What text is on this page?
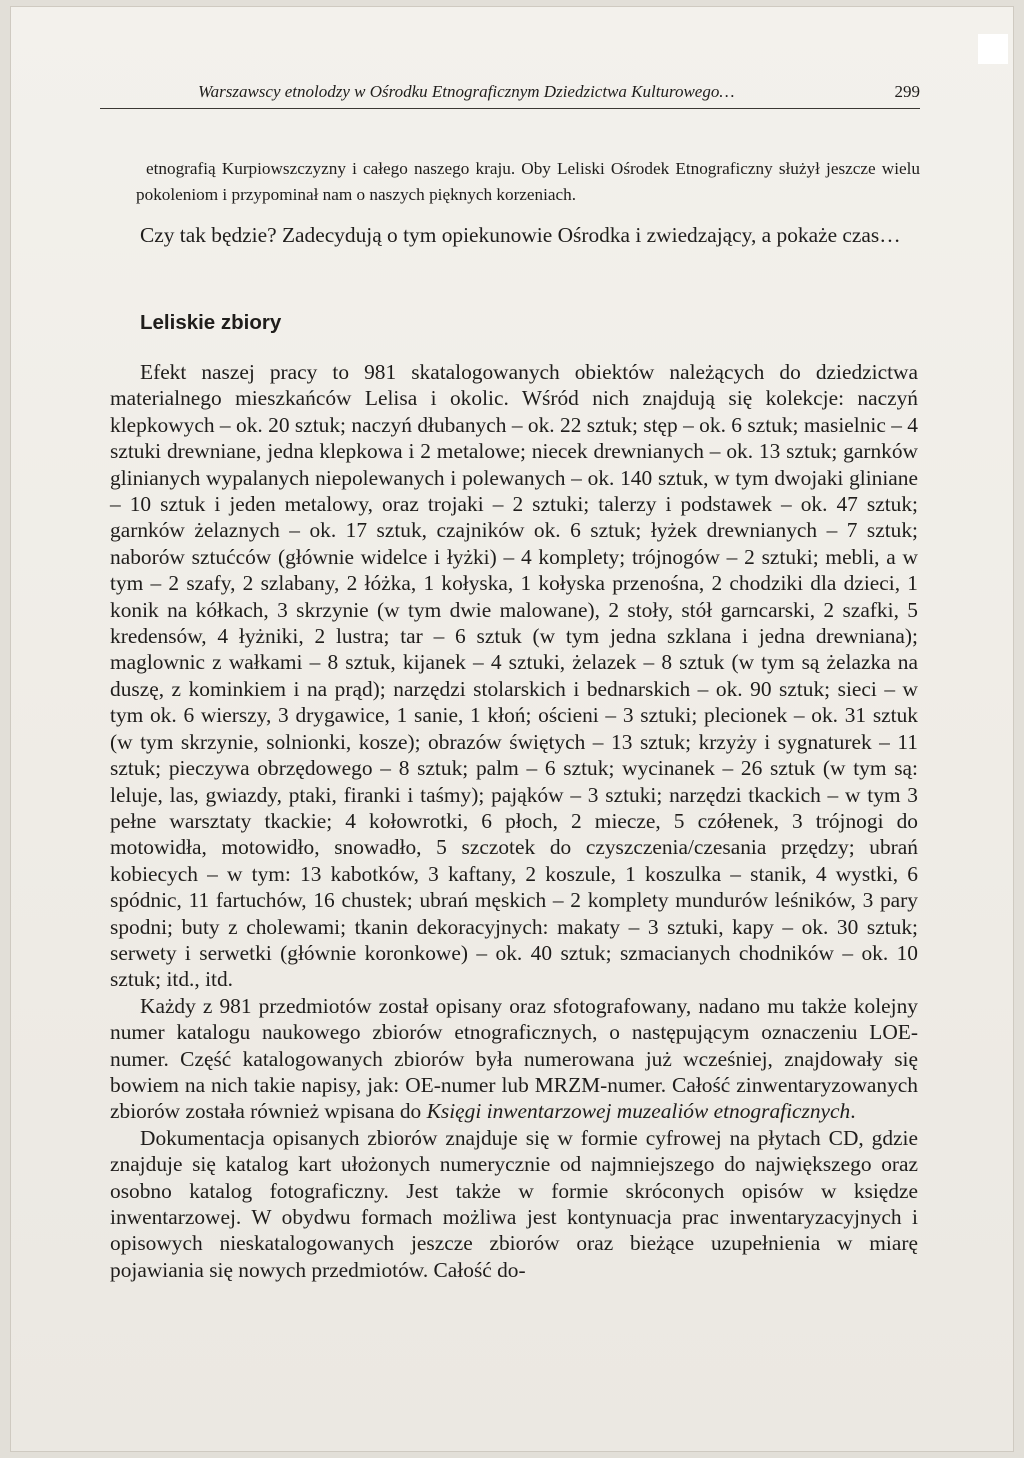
Warszawscy etnolodzy w Ośrodku Etnograficznym Dziedzictwa Kulturowego…	299

etnografią Kurpiowszczyzny i całego naszego kraju. Oby Leliski Ośrodek Etnograficzny służył jeszcze wielu pokoleniom i przypominał nam o naszych pięknych korzeniach.

Czy tak będzie? Zadecydują o tym opiekunowie Ośrodka i zwiedzający, a pokaże czas…

Leliskie zbiory

Efekt naszej pracy to 981 skatalogowanych obiektów należących do dziedzictwa materialnego mieszkańców Lelisa i okolic. Wśród nich znajdują się kolekcje: naczyń klepkowych – ok. 20 sztuk; naczyń dłubanych – ok. 22 sztuk; stęp – ok. 6 sztuk; masielnic – 4 sztuki drewniane, jedna klepkowa i 2 metalowe; niecek drewnianych – ok. 13 sztuk; garnków glinianych wypalanych niepolewanych i polewanych – ok. 140 sztuk, w tym dwojaki gliniane – 10 sztuk i jeden metalowy, oraz trojaki – 2 sztuki; talerzy i podstawek – ok. 47 sztuk; garnków żelaznych – ok. 17 sztuk, czajników ok. 6 sztuk; łyżek drewnianych – 7 sztuk; naborów sztućców (głównie widelce i łyżki) – 4 komplety; trójnogów – 2 sztuki; mebli, a w tym – 2 szafy, 2 szlabany, 2 łóżka, 1 kołyska, 1 kołyska przenośna, 2 chodziki dla dzieci, 1 konik na kółkach, 3 skrzynie (w tym dwie malowane), 2 stoły, stół garncarski, 2 szafki, 5 kredensów, 4 łyżniki, 2 lustra; tar – 6 sztuk (w tym jedna szklana i jedna drewniana); maglownic z wałkami – 8 sztuk, kijanek – 4 sztuki, żelazek – 8 sztuk (w tym są żelazka na duszę, z kominkiem i na prąd); narzędzi stolarskich i bednarskich – ok. 90 sztuk; sieci – w tym ok. 6 wierszy, 3 drygawice, 1 sanie, 1 kłoń; ościeni – 3 sztuki; plecionek – ok. 31 sztuk (w tym skrzynie, solnionki, kosze); obrazów świętych – 13 sztuk; krzyży i sygnaturek – 11 sztuk; pieczywa obrzędowego – 8 sztuk; palm – 6 sztuk; wycinanek – 26 sztuk (w tym są: leluje, las, gwiazdy, ptaki, firanki i taśmy); pająków – 3 sztuki; narzędzi tkackich – w tym 3 pełne warsztaty tkackie; 4 kołowrotki, 6 płoch, 2 miecze, 5 czółenek, 3 trójnogi do motowidła, motowidło, snowadło, 5 szczotek do czyszczenia/czesania przędzy; ubrań kobiecych – w tym: 13 kabotków, 3 kaftany, 2 koszule, 1 koszulka – stanik, 4 wystki, 6 spódnic, 11 fartuchów, 16 chustek; ubrań męskich – 2 komplety mundurów leśników, 3 pary spodni; buty z cholewami; tkanin dekoracyjnych: makaty – 3 sztuki, kapy – ok. 30 sztuk; serwety i serwetki (głównie koronkowe) – ok. 40 sztuk; szmacianych chodników – ok. 10 sztuk; itd., itd.

Każdy z 981 przedmiotów został opisany oraz sfotografowany, nadano mu także kolejny numer katalogu naukowego zbiorów etnograficznych, o następującym oznaczeniu LOE-numer. Część katalogowanych zbiorów była numerowana już wcześniej, znajdowały się bowiem na nich takie napisy, jak: OE-numer lub MRZM-numer. Całość zinwentaryzowanych zbiorów została również wpisana do Księgi inwentarzowej muzealiów etnograficznych.

Dokumentacja opisanych zbiorów znajduje się w formie cyfrowej na płytach CD, gdzie znajduje się katalog kart ułożonych numerycznie od najmniejszego do największego oraz osobno katalog fotograficzny. Jest także w formie skróconych opisów w księdze inwentarzowej. W obydwu formach możliwa jest kontynuacja prac inwentaryzacyjnych i opisowych nieskatalogowanych jeszcze zbiorów oraz bieżące uzupełnienia w miarę pojawiania się nowych przedmiotów. Całość do-
